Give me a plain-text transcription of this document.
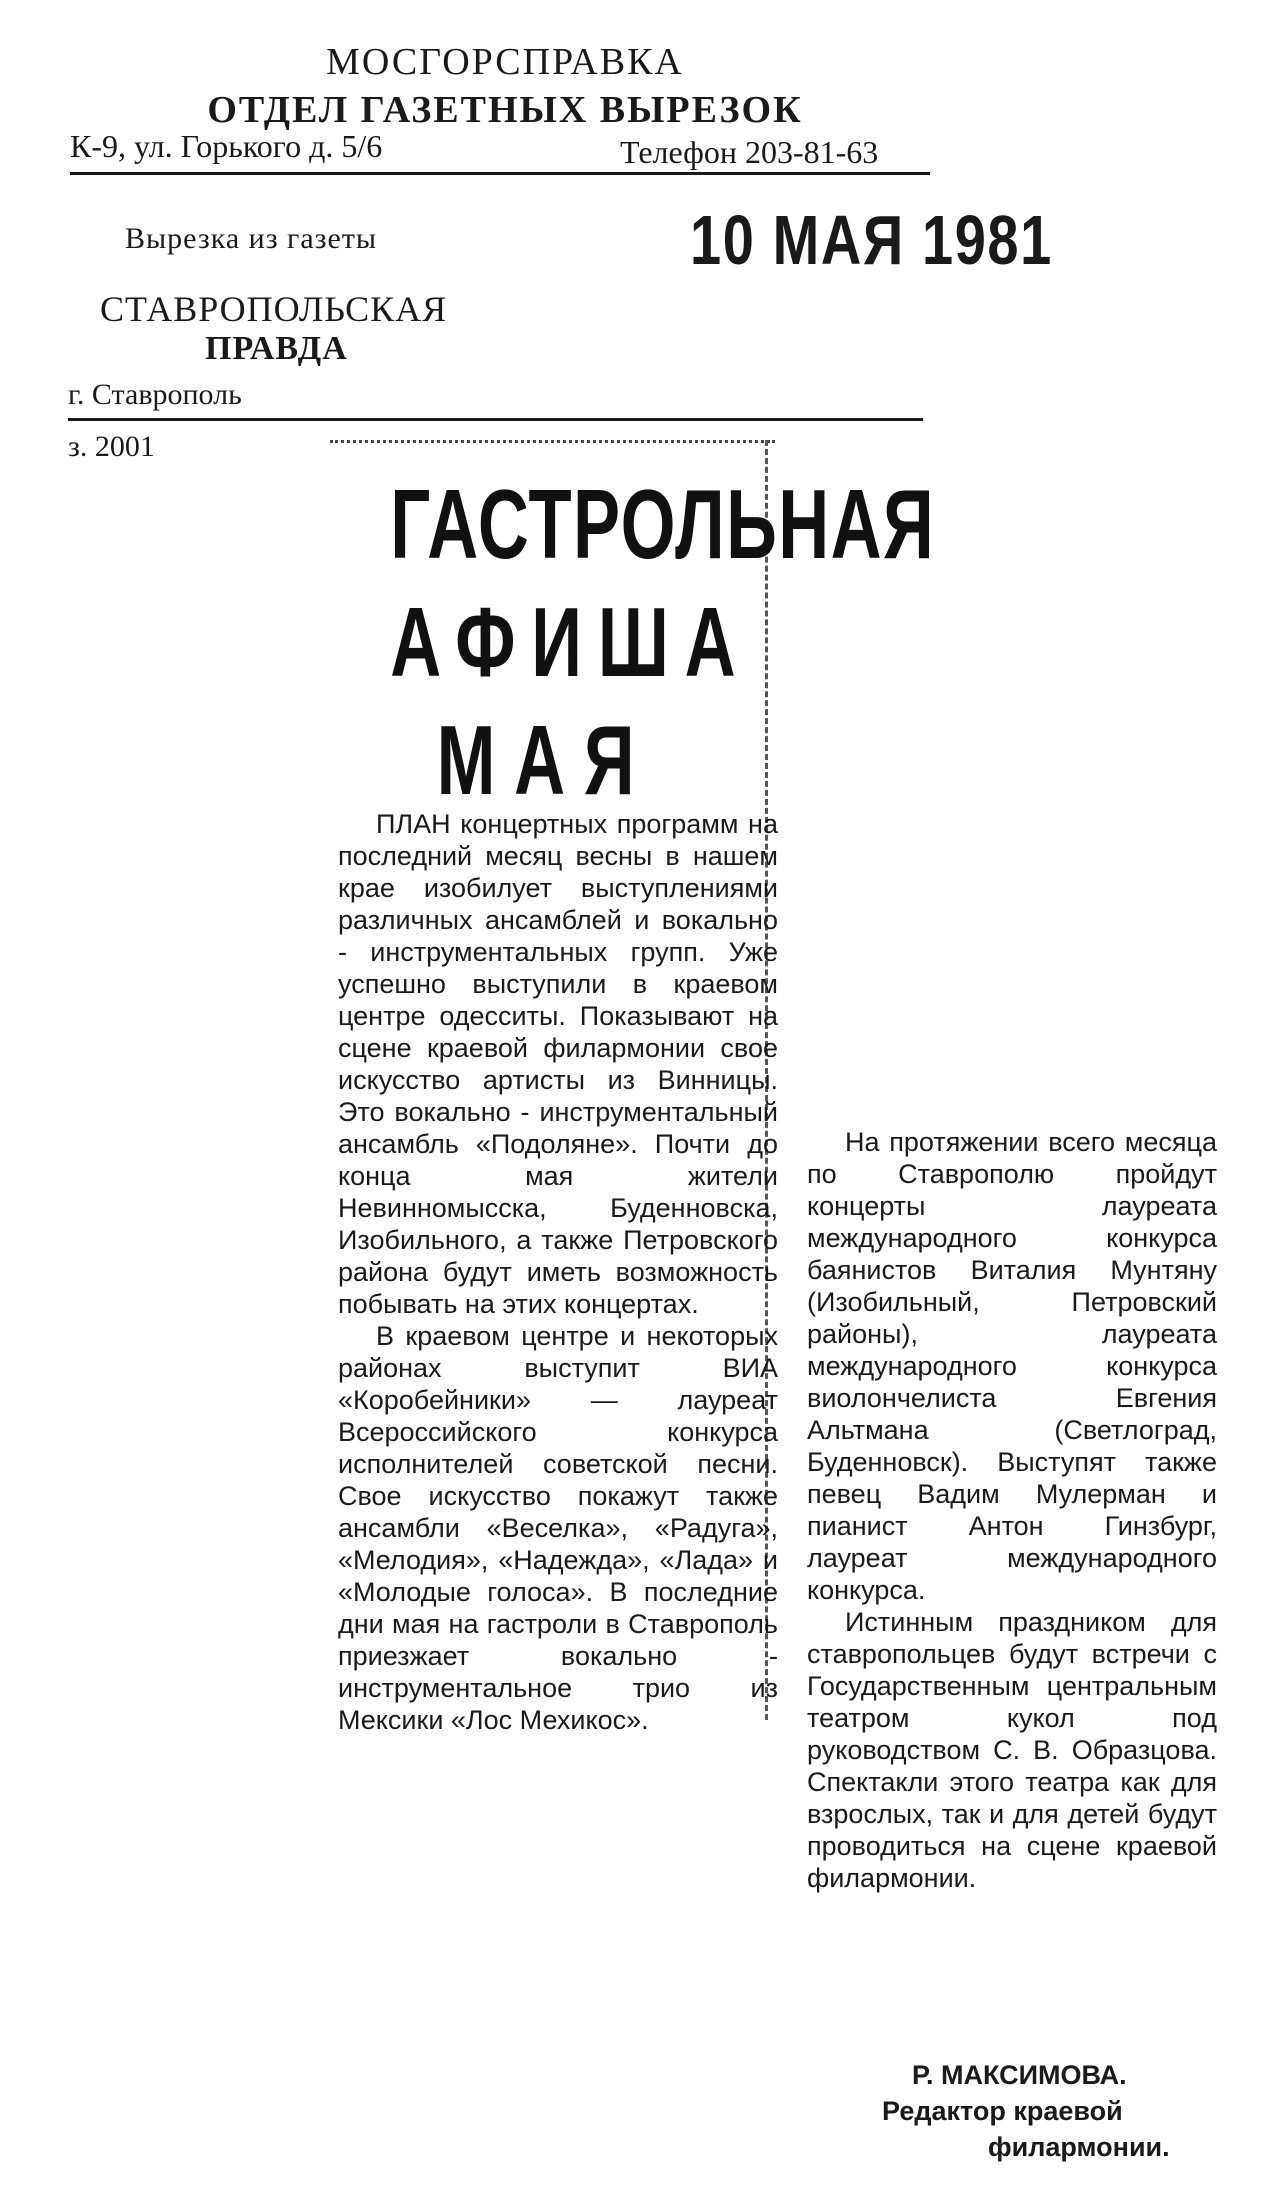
МОСГОРСПРАВКА
ОТДЕЛ ГАЗЕТНЫХ ВЫРЕЗОК
К-9, ул. Горького д. 5/6	Телефон 203-81-63
Вырезка из газеты	10 МАЯ 1981
СТАВРОПОЛЬСКАЯ
ПРАВДА
г. Ставрополь
з. 2001
ГАСТРОЛЬНАЯ
АФИША
МАЯ

ПЛАН концертных программ на последний месяц весны в нашем крае изобилует выступлениями различных ансамблей и вокально - инструментальных групп. Уже успешно выступили в краевом центре одесситы. Показывают на сцене краевой филармонии свое искусство артисты из Винницы. Это вокально - инструментальный ансамбль «Подоляне». Почти до конца мая жители Невинномысска, Буденновска, Изобильного, а также Петровского района будут иметь возможность побывать на этих концертах.

В краевом центре и некоторых районах выступит ВИА «Коробейники» — лауреат Всероссийского конкурса исполнителей советской песни. Свое искусство покажут также ансамбли «Веселка», «Радуга», «Мелодия», «Надежда», «Лада» и «Молодые голоса». В последние дни мая на гастроли в Ставрополь приезжает вокально - инструментальное трио из Мексики «Лос Мехикос».

На протяжении всего месяца по Ставрополю пройдут концерты лауреата международного конкурса баянистов Виталия Мунтяну (Изобильный, Петровский районы), лауреата международного конкурса виолончелиста Евгения Альтмана (Светлоград, Буденновск). Выступят также певец Вадим Мулерман и пианист Антон Гинзбург, лауреат международного конкурса.

Истинным праздником для ставропольцев будут встречи с Государственным центральным театром кукол под руководством С. В. Образцова. Спектакли этого театра как для взрослых, так и для детей будут проводиться на сцене краевой филармонии.

Р. МАКСИМОВА.
Редактор краевой
филармонии.
